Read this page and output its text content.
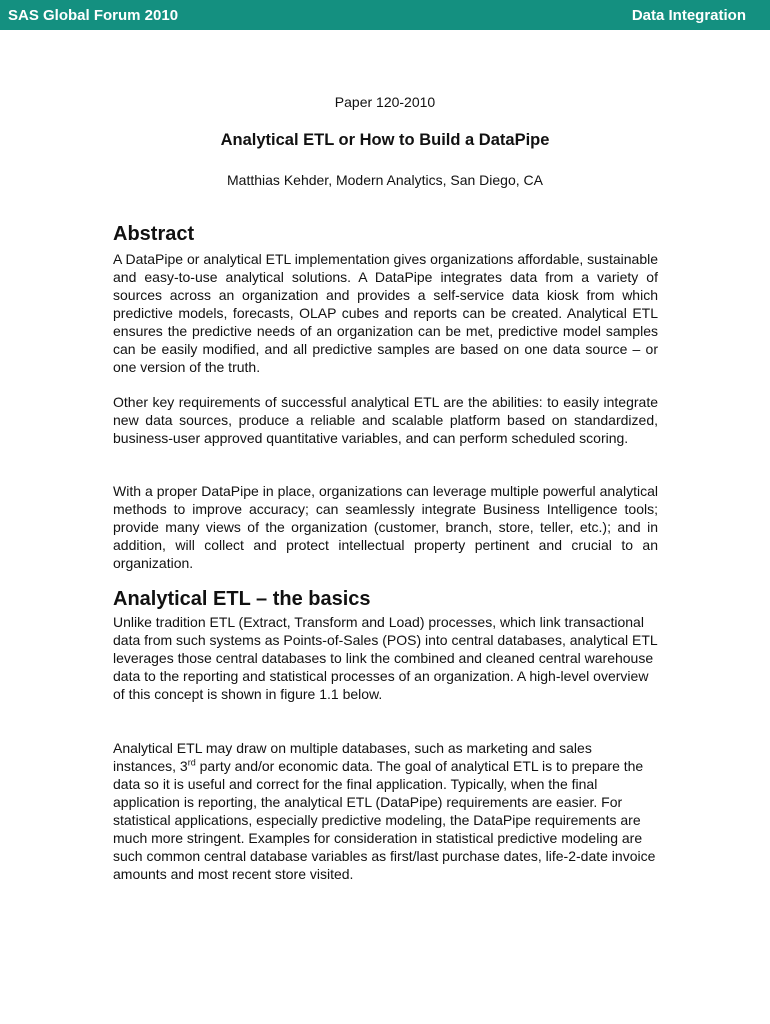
SAS Global Forum 2010	Data Integration
Paper 120-2010
Analytical ETL or How to Build a DataPipe
Matthias Kehder, Modern Analytics, San Diego, CA
Abstract

A DataPipe or analytical ETL implementation gives organizations affordable, sustainable and easy-to-use analytical solutions. A DataPipe integrates data from a variety of sources across an organization and provides a self-service data kiosk from which predictive models, forecasts, OLAP cubes and reports can be created. Analytical ETL ensures the predictive needs of an organization can be met, predictive model samples can be easily modified, and all predictive samples are based on one data source – or one version of the truth.

Other key requirements of successful analytical ETL are the abilities: to easily integrate new data sources, produce a reliable and scalable platform based on standardized, business-user approved quantitative variables, and can perform scheduled scoring.

With a proper DataPipe in place, organizations can leverage multiple powerful analytical methods to improve accuracy; can seamlessly integrate Business Intelligence tools; provide many views of the organization (customer, branch, store, teller, etc.); and in addition, will collect and protect intellectual property pertinent and crucial to an organization.

Analytical ETL – the basics

Unlike tradition ETL (Extract, Transform and Load) processes, which link transactional data from such systems as Points-of-Sales (POS) into central databases, analytical ETL leverages those central databases to link the combined and cleaned central warehouse data to the reporting and statistical processes of an organization. A high-level overview of this concept is shown in figure 1.1 below.

Analytical ETL may draw on multiple databases, such as marketing and sales instances, 3rd party and/or economic data. The goal of analytical ETL is to prepare the data so it is useful and correct for the final application. Typically, when the final application is reporting, the analytical ETL (DataPipe) requirements are easier. For statistical applications, especially predictive modeling, the DataPipe requirements are much more stringent. Examples for consideration in statistical predictive modeling are such common central database variables as first/last purchase dates, life-2-date invoice amounts and most recent store visited.
